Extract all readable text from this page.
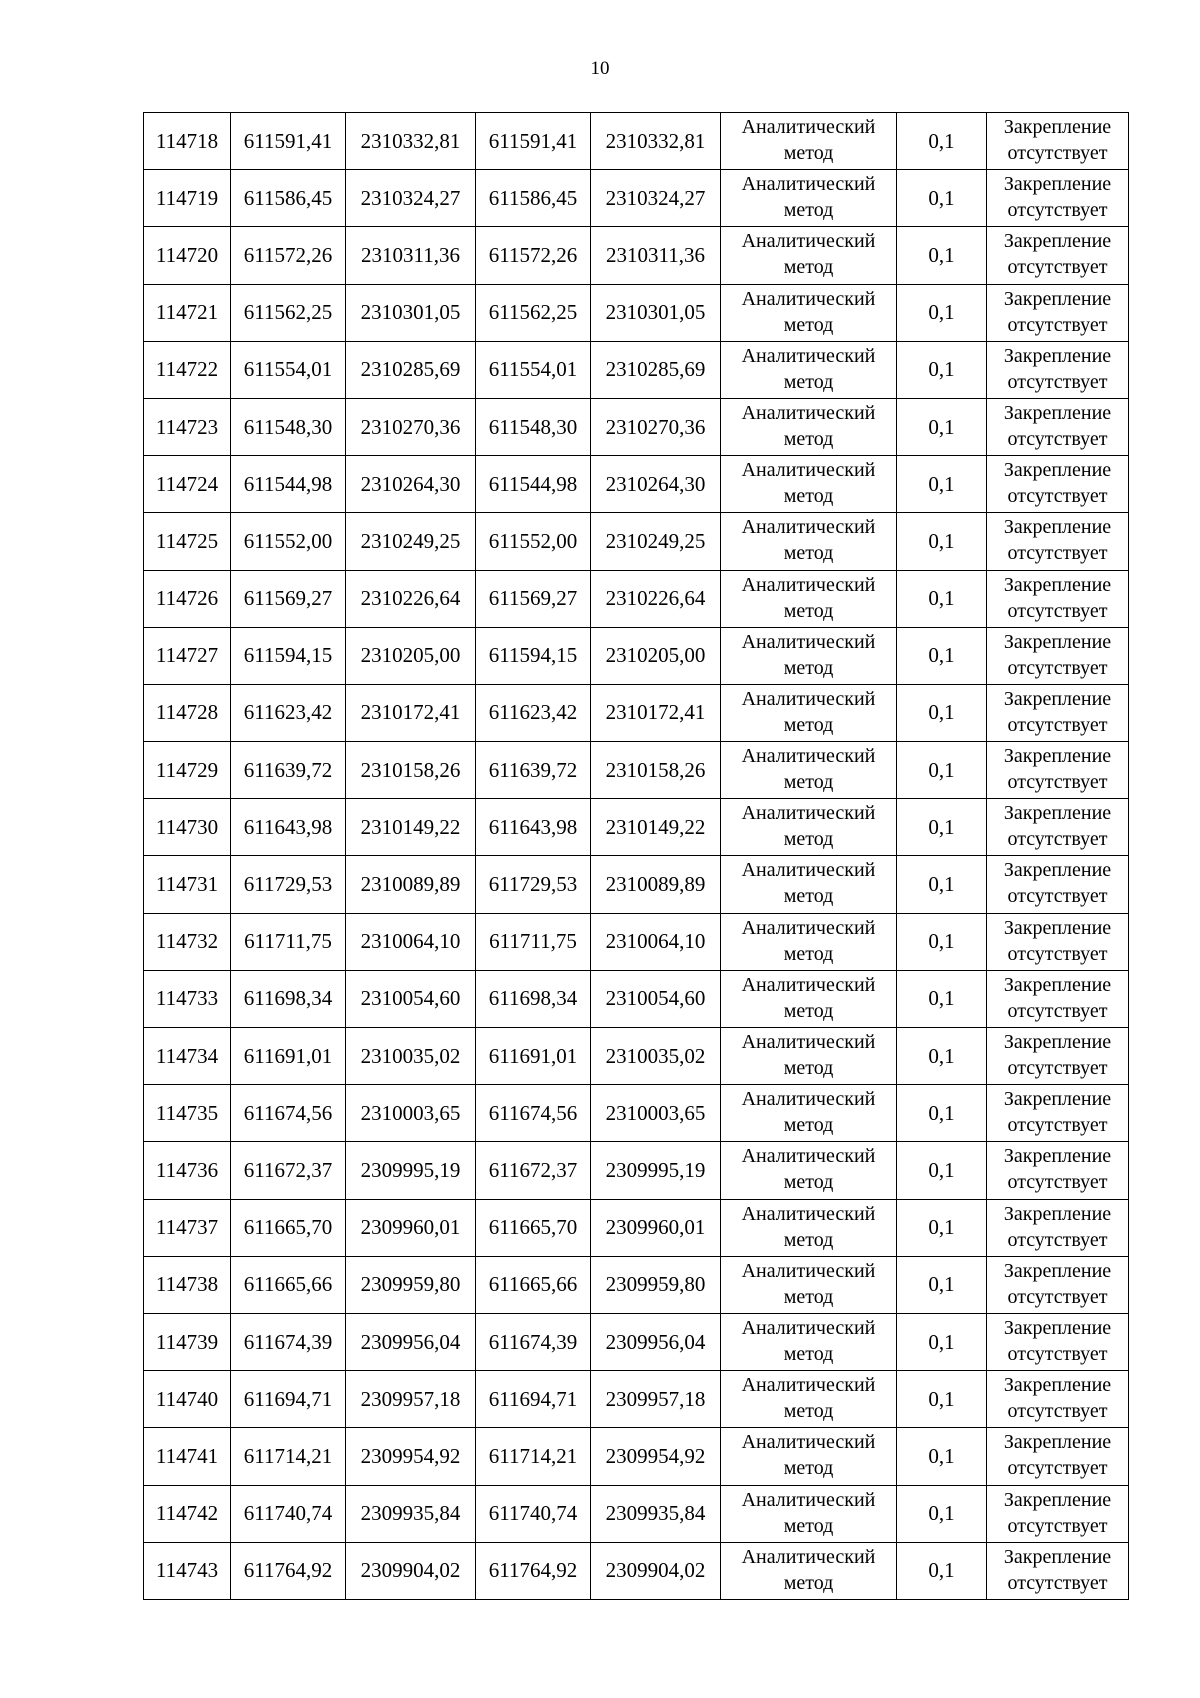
10
114718	611591,41	2310332,81	611591,41	2310332,81	Аналитический метод	0,1	Закрепление отсутствует
114719	611586,45	2310324,27	611586,45	2310324,27	Аналитический метод	0,1	Закрепление отсутствует
114720	611572,26	2310311,36	611572,26	2310311,36	Аналитический метод	0,1	Закрепление отсутствует
114721	611562,25	2310301,05	611562,25	2310301,05	Аналитический метод	0,1	Закрепление отсутствует
114722	611554,01	2310285,69	611554,01	2310285,69	Аналитический метод	0,1	Закрепление отсутствует
114723	611548,30	2310270,36	611548,30	2310270,36	Аналитический метод	0,1	Закрепление отсутствует
114724	611544,98	2310264,30	611544,98	2310264,30	Аналитический метод	0,1	Закрепление отсутствует
114725	611552,00	2310249,25	611552,00	2310249,25	Аналитический метод	0,1	Закрепление отсутствует
114726	611569,27	2310226,64	611569,27	2310226,64	Аналитический метод	0,1	Закрепление отсутствует
114727	611594,15	2310205,00	611594,15	2310205,00	Аналитический метод	0,1	Закрепление отсутствует
114728	611623,42	2310172,41	611623,42	2310172,41	Аналитический метод	0,1	Закрепление отсутствует
114729	611639,72	2310158,26	611639,72	2310158,26	Аналитический метод	0,1	Закрепление отсутствует
114730	611643,98	2310149,22	611643,98	2310149,22	Аналитический метод	0,1	Закрепление отсутствует
114731	611729,53	2310089,89	611729,53	2310089,89	Аналитический метод	0,1	Закрепление отсутствует
114732	611711,75	2310064,10	611711,75	2310064,10	Аналитический метод	0,1	Закрепление отсутствует
114733	611698,34	2310054,60	611698,34	2310054,60	Аналитический метод	0,1	Закрепление отсутствует
114734	611691,01	2310035,02	611691,01	2310035,02	Аналитический метод	0,1	Закрепление отсутствует
114735	611674,56	2310003,65	611674,56	2310003,65	Аналитический метод	0,1	Закрепление отсутствует
114736	611672,37	2309995,19	611672,37	2309995,19	Аналитический метод	0,1	Закрепление отсутствует
114737	611665,70	2309960,01	611665,70	2309960,01	Аналитический метод	0,1	Закрепление отсутствует
114738	611665,66	2309959,80	611665,66	2309959,80	Аналитический метод	0,1	Закрепление отсутствует
114739	611674,39	2309956,04	611674,39	2309956,04	Аналитический метод	0,1	Закрепление отсутствует
114740	611694,71	2309957,18	611694,71	2309957,18	Аналитический метод	0,1	Закрепление отсутствует
114741	611714,21	2309954,92	611714,21	2309954,92	Аналитический метод	0,1	Закрепление отсутствует
114742	611740,74	2309935,84	611740,74	2309935,84	Аналитический метод	0,1	Закрепление отсутствует
114743	611764,92	2309904,02	611764,92	2309904,02	Аналитический метод	0,1	Закрепление отсутствует
